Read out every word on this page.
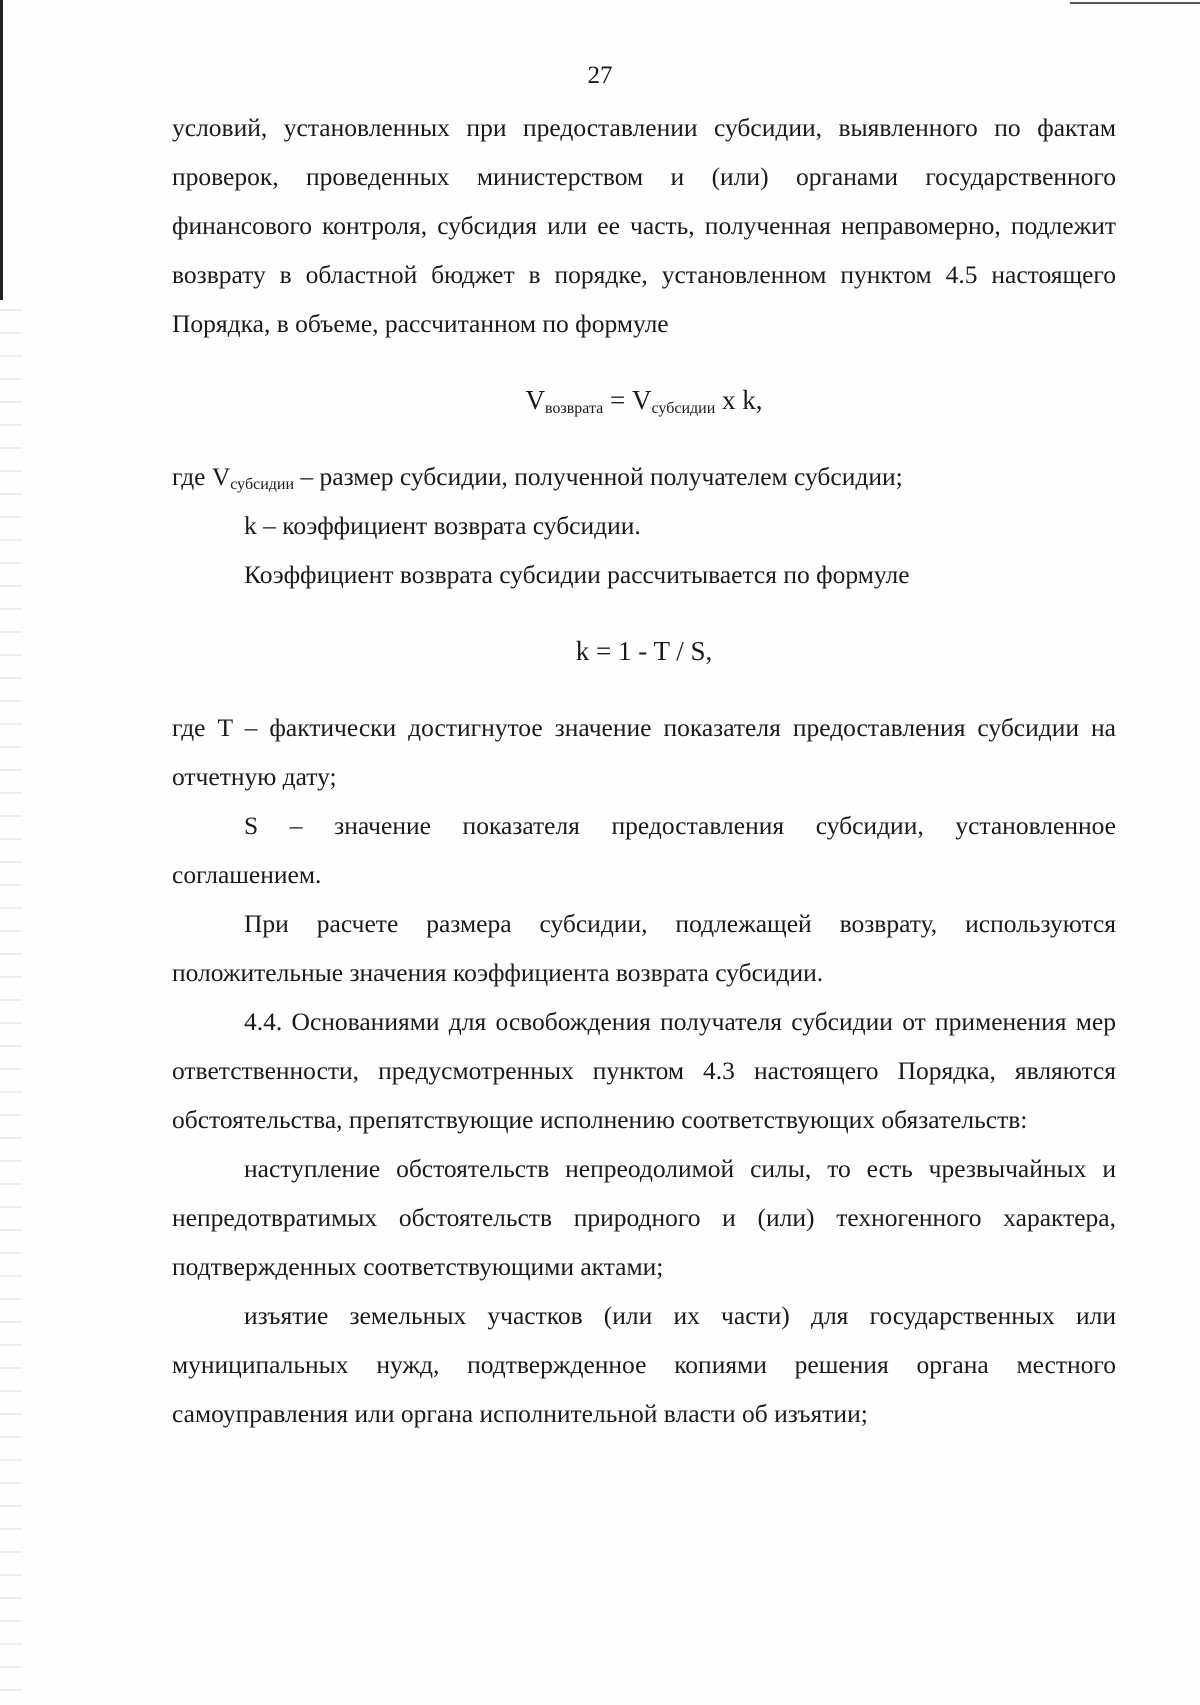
27

условий, установленных при предоставлении субсидии, выявленного по фактам проверок, проведенных министерством и (или) органами государственного финансового контроля, субсидия или ее часть, полученная неправомерно, подлежит возврату в областной бюджет в порядке, установленном пунктом 4.5 настоящего Порядка, в объеме, рассчитанном по формуле

$V_{возврата} = V_{субсидии}$ x k,

где $V_{субсидии}$ – размер субсидии, полученной получателем субсидии;

k – коэффициент возврата субсидии.

Коэффициент возврата субсидии рассчитывается по формуле

k = 1 - T / S,

где T – фактически достигнутое значение показателя предоставления субсидии на отчетную дату;

S – значение показателя предоставления субсидии, установленное соглашением.

При расчете размера субсидии, подлежащей возврату, используются положительные значения коэффициента возврата субсидии.

4.4. Основаниями для освобождения получателя субсидии от применения мер ответственности, предусмотренных пунктом 4.3 настоящего Порядка, являются обстоятельства, препятствующие исполнению соответствующих обязательств:

наступление обстоятельств непреодолимой силы, то есть чрезвычайных и непредотвратимых обстоятельств природного и (или) техногенного характера, подтвержденных соответствующими актами;

изъятие земельных участков (или их части) для государственных или муниципальных нужд, подтвержденное копиями решения органа местного самоуправления или органа исполнительной власти об изъятии;
